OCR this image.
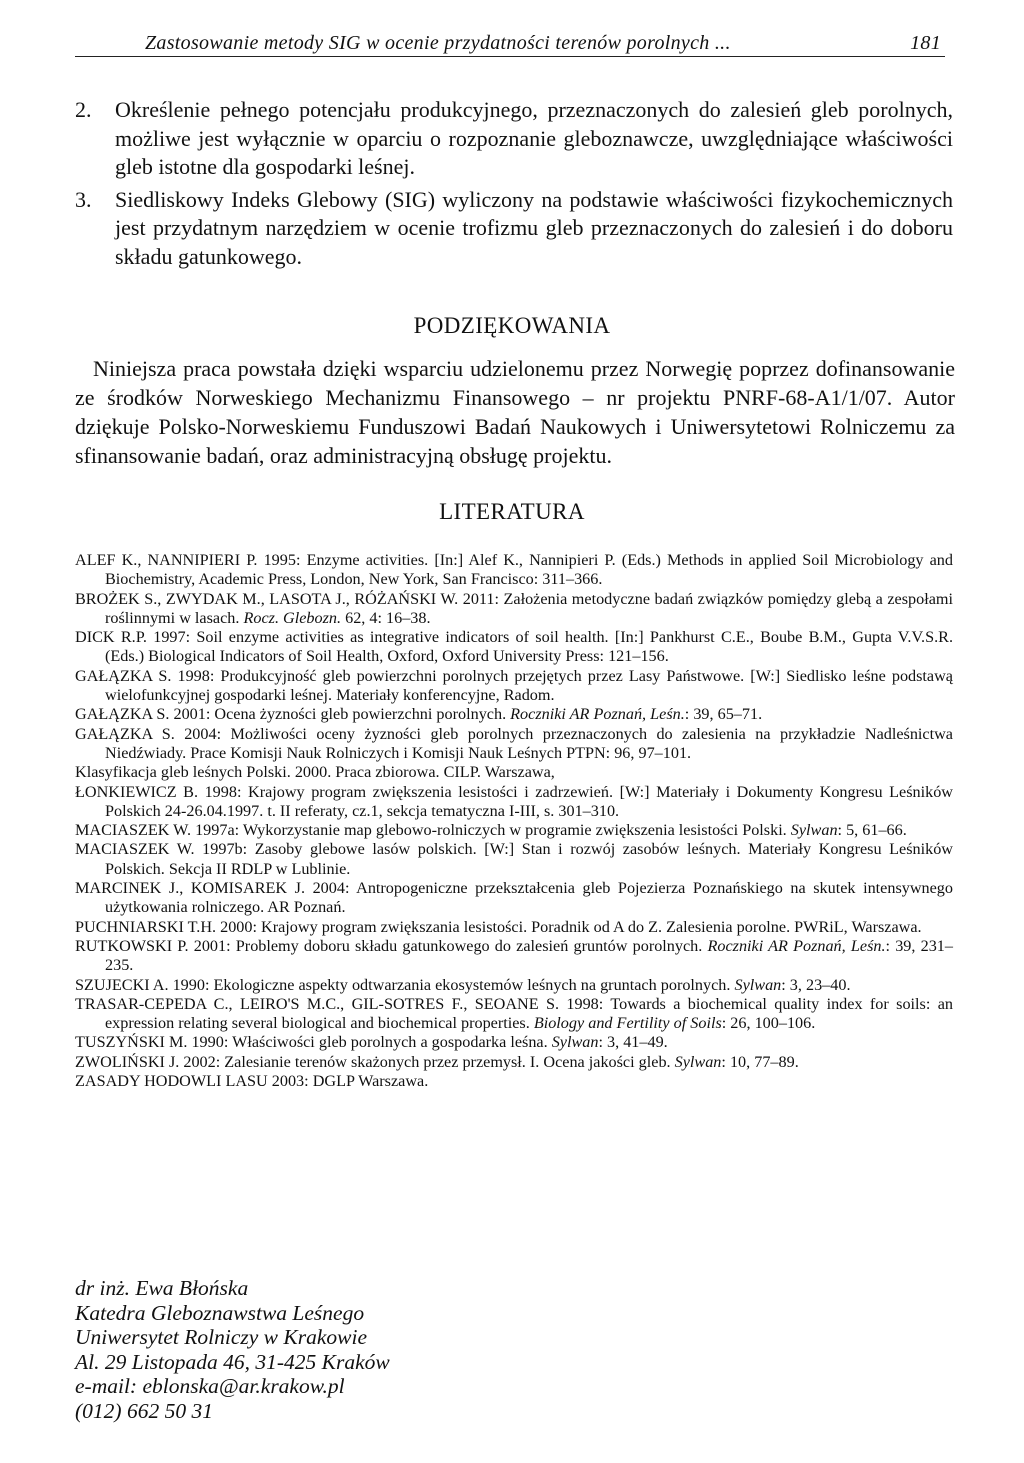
Zastosowanie metody SIG w ocenie przydatności terenów porolnych ...	181
2. Określenie pełnego potencjału produkcyjnego, przeznaczonych do zalesień gleb porolnych, możliwe jest wyłącznie w oparciu o rozpoznanie gleboznawcze, uwzględniające właściwości gleb istotne dla gospodarki leśnej.
3. Siedliskowy Indeks Glebowy (SIG) wyliczony na podstawie właściwości fizykochemicznych jest przydatnym narzędziem w ocenie trofizmu gleb przeznaczonych do zalesień i do doboru składu gatunkowego.
PODZIĘKOWANIA
Niniejsza praca powstała dzięki wsparciu udzielonemu przez Norwegię poprzez dofinansowanie ze środków Norweskiego Mechanizmu Finansowego – nr projektu PNRF-68-A1/1/07. Autor dziękuje Polsko-Norweskiemu Funduszowi Badań Naukowych i Uniwersytetowi Rolniczemu za sfinansowanie badań, oraz administracyjną obsługę projektu.
LITERATURA
ALEF K., NANNIPIERI P. 1995: Enzyme activities. [In:] Alef K., Nannipieri P. (Eds.) Methods in applied Soil Microbiology and Biochemistry, Academic Press, London, New York, San Francisco: 311–366.
BROŻEK S., ZWYDAK M., LASOTA J., RÓŻAŃSKI W. 2011: Założenia metodyczne badań związków pomiędzy glebą a zespołami roślinnymi w lasach. Rocz. Glebozn. 62, 4: 16–38.
DICK R.P. 1997: Soil enzyme activities as integrative indicators of soil health. [In:] Pankhurst C.E., Boube B.M., Gupta V.V.S.R. (Eds.) Biological Indicators of Soil Health, Oxford, Oxford University Press: 121–156.
GAŁĄZKA S. 1998: Produkcyjność gleb powierzchni porolnych przejętych przez Lasy Państwowe. [W:] Siedlisko leśne podstawą wielofunkcyjnej gospodarki leśnej. Materiały konferencyjne, Radom.
GAŁĄZKA S. 2001: Ocena żyzności gleb powierzchni porolnych. Roczniki AR Poznań, Leśn.: 39, 65–71.
GAŁĄZKA S. 2004: Możliwości oceny żyzności gleb porolnych przeznaczonych do zalesienia na przykładzie Nadleśnictwa Niedźwiady. Prace Komisji Nauk Rolniczych i Komisji Nauk Leśnych PTPN: 96, 97–101.
Klasyfikacja gleb leśnych Polski. 2000. Praca zbiorowa. CILP. Warszawa,
ŁONKIEWICZ B. 1998: Krajowy program zwiększenia lesistości i zadrzewień. [W:] Materiały i Dokumenty Kongresu Leśników Polskich 24-26.04.1997. t. II referaty, cz.1, sekcja tematyczna I-III, s. 301–310.
MACIASZEK W. 1997a: Wykorzystanie map glebowo-rolniczych w programie zwiększenia lesistości Polski. Sylwan: 5, 61–66.
MACIASZEK W. 1997b: Zasoby glebowe lasów polskich. [W:] Stan i rozwój zasobów leśnych. Materiały Kongresu Leśników Polskich. Sekcja II RDLP w Lublinie.
MARCINEK J., KOMISAREK J. 2004: Antropogeniczne przekształcenia gleb Pojezierza Poznańskiego na skutek intensywnego użytkowania rolniczego. AR Poznań.
PUCHNIARSKI T.H. 2000: Krajowy program zwiększania lesistości. Poradnik od A do Z. Zalesienia porolne. PWRiL, Warszawa.
RUTKOWSKI P. 2001: Problemy doboru składu gatunkowego do zalesień gruntów porolnych. Roczniki AR Poznań, Leśn.: 39, 231–235.
SZUJECKI A. 1990: Ekologiczne aspekty odtwarzania ekosystemów leśnych na gruntach porolnych. Sylwan: 3, 23–40.
TRASAR-CEPEDA C., LEIRO'S M.C., GIL-SOTRES F., SEOANE S. 1998: Towards a biochemical quality index for soils: an expression relating several biological and biochemical properties. Biology and Fertility of Soils: 26, 100–106.
TUSZYŃSKI M. 1990: Właściwości gleb porolnych a gospodarka leśna. Sylwan: 3, 41–49.
ZWOLIŃSKI J. 2002: Zalesianie terenów skażonych przez przemysł. I. Ocena jakości gleb. Sylwan: 10, 77–89.
ZASADY HODOWLI LASU 2003: DGLP Warszawa.
dr inż. Ewa Błońska
Katedra Gleboznawstwa Leśnego
Uniwersytet Rolniczy w Krakowie
Al. 29 Listopada 46, 31-425 Kraków
e-mail: eblonska@ar.krakow.pl
(012) 662 50 31
